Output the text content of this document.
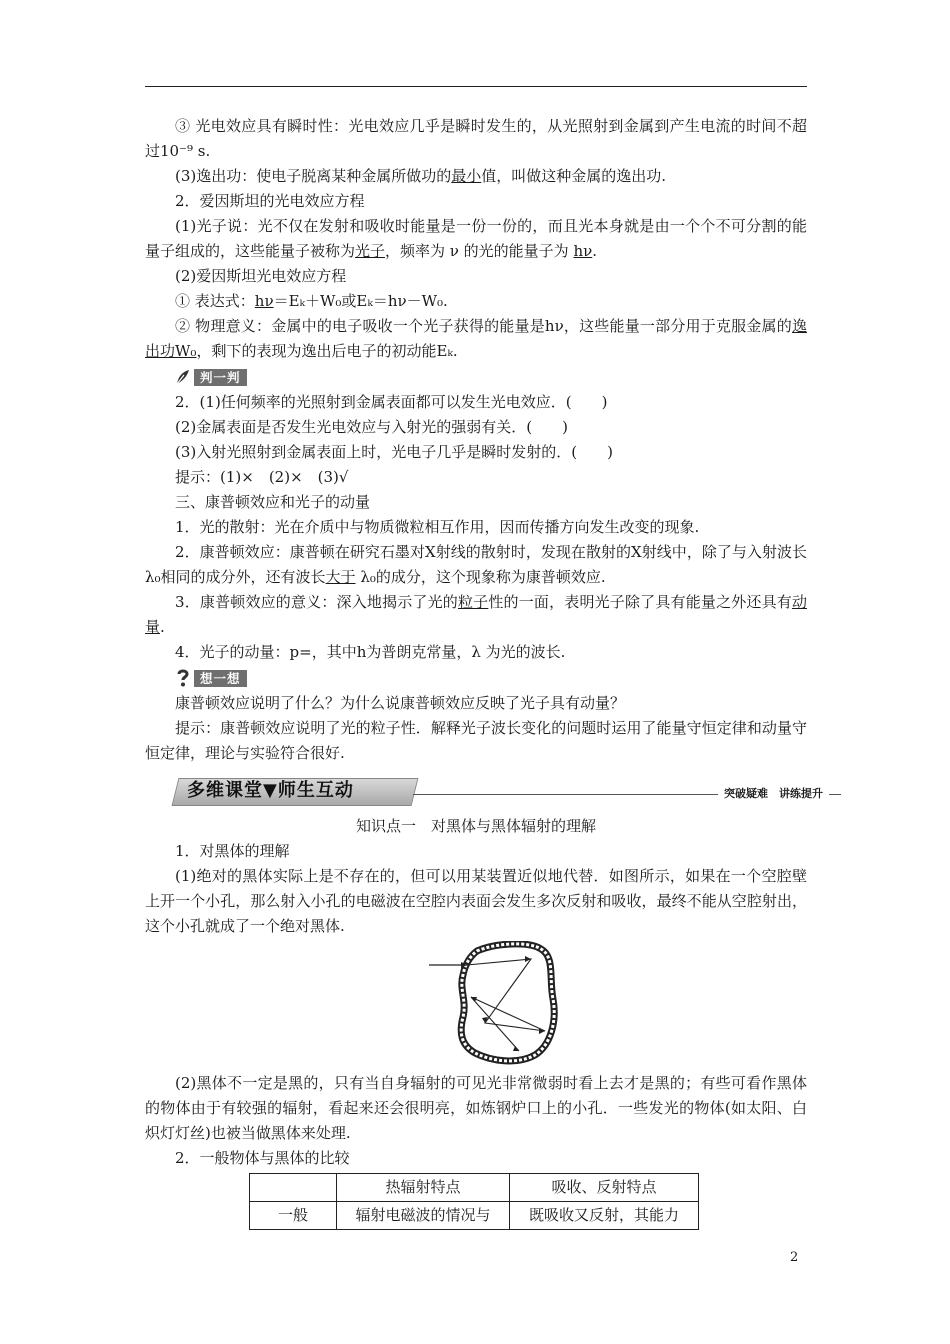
③ 光电效应具有瞬时性：光电效应几乎是瞬时发生的，从光照射到金属到产生电流的时间不超过10⁻⁹ s.

(3)逸出功：使电子脱离某种金属所做功的最小值，叫做这种金属的逸出功.

2．爱因斯坦的光电效应方程

(1)光子说：光不仅在发射和吸收时能量是一份一份的，而且光本身就是由一个个不可分割的能量子组成的，这些能量子被称为光子，频率为 ν 的光的能量子为 hν.

(2)爱因斯坦光电效应方程

① 表达式：hν＝Eₖ＋W₀或Eₖ＝hν－W₀.

② 物理意义：金属中的电子吸收一个光子获得的能量是hν，这些能量一部分用于克服金属的逸出功W₀，剩下的表现为逸出后电子的初动能Eₖ.

判一判

2．(1)任何频率的光照射到金属表面都可以发生光电效应．(　　)

(2)金属表面是否发生光电效应与入射光的强弱有关．(　　)

(3)入射光照射到金属表面上时，光电子几乎是瞬时发射的．(　　)

提示：(1)×　(2)×　(3)√

三、康普顿效应和光子的动量

1．光的散射：光在介质中与物质微粒相互作用，因而传播方向发生改变的现象.

2．康普顿效应：康普顿在研究石墨对X射线的散射时，发现在散射的X射线中，除了与入射波长 λ₀相同的成分外，还有波长大于 λ₀的成分，这个现象称为康普顿效应.

3．康普顿效应的意义：深入地揭示了光的粒子性的一面，表明光子除了具有能量之外还具有动量.

4．光子的动量：p=，其中h为普朗克常量，λ 为光的波长.

想一想

康普顿效应说明了什么？为什么说康普顿效应反映了光子具有动量？

提示：康普顿效应说明了光的粒子性．解释光子波长变化的问题时运用了能量守恒定律和动量守恒定律，理论与实验符合很好.

多维课堂▼师生互动	突破疑难　讲练提升

知识点一　对黑体与黑体辐射的理解

1．对黑体的理解

(1)绝对的黑体实际上是不存在的，但可以用某装置近似地代替．如图所示，如果在一个空腔壁上开一个小孔，那么射入小孔的电磁波在空腔内表面会发生多次反射和吸收，最终不能从空腔射出，这个小孔就成了一个绝对黑体.

(2)黑体不一定是黑的，只有当自身辐射的可见光非常微弱时看上去才是黑的；有些可看作黑体的物体由于有较强的辐射，看起来还会很明亮，如炼钢炉口上的小孔．一些发光的物体(如太阳、白炽灯灯丝)也被当做黑体来处理.

2．一般物体与黑体的比较

	热辐射特点	吸收、反射特点
一般	辐射电磁波的情况与	既吸收又反射，其能力
2
